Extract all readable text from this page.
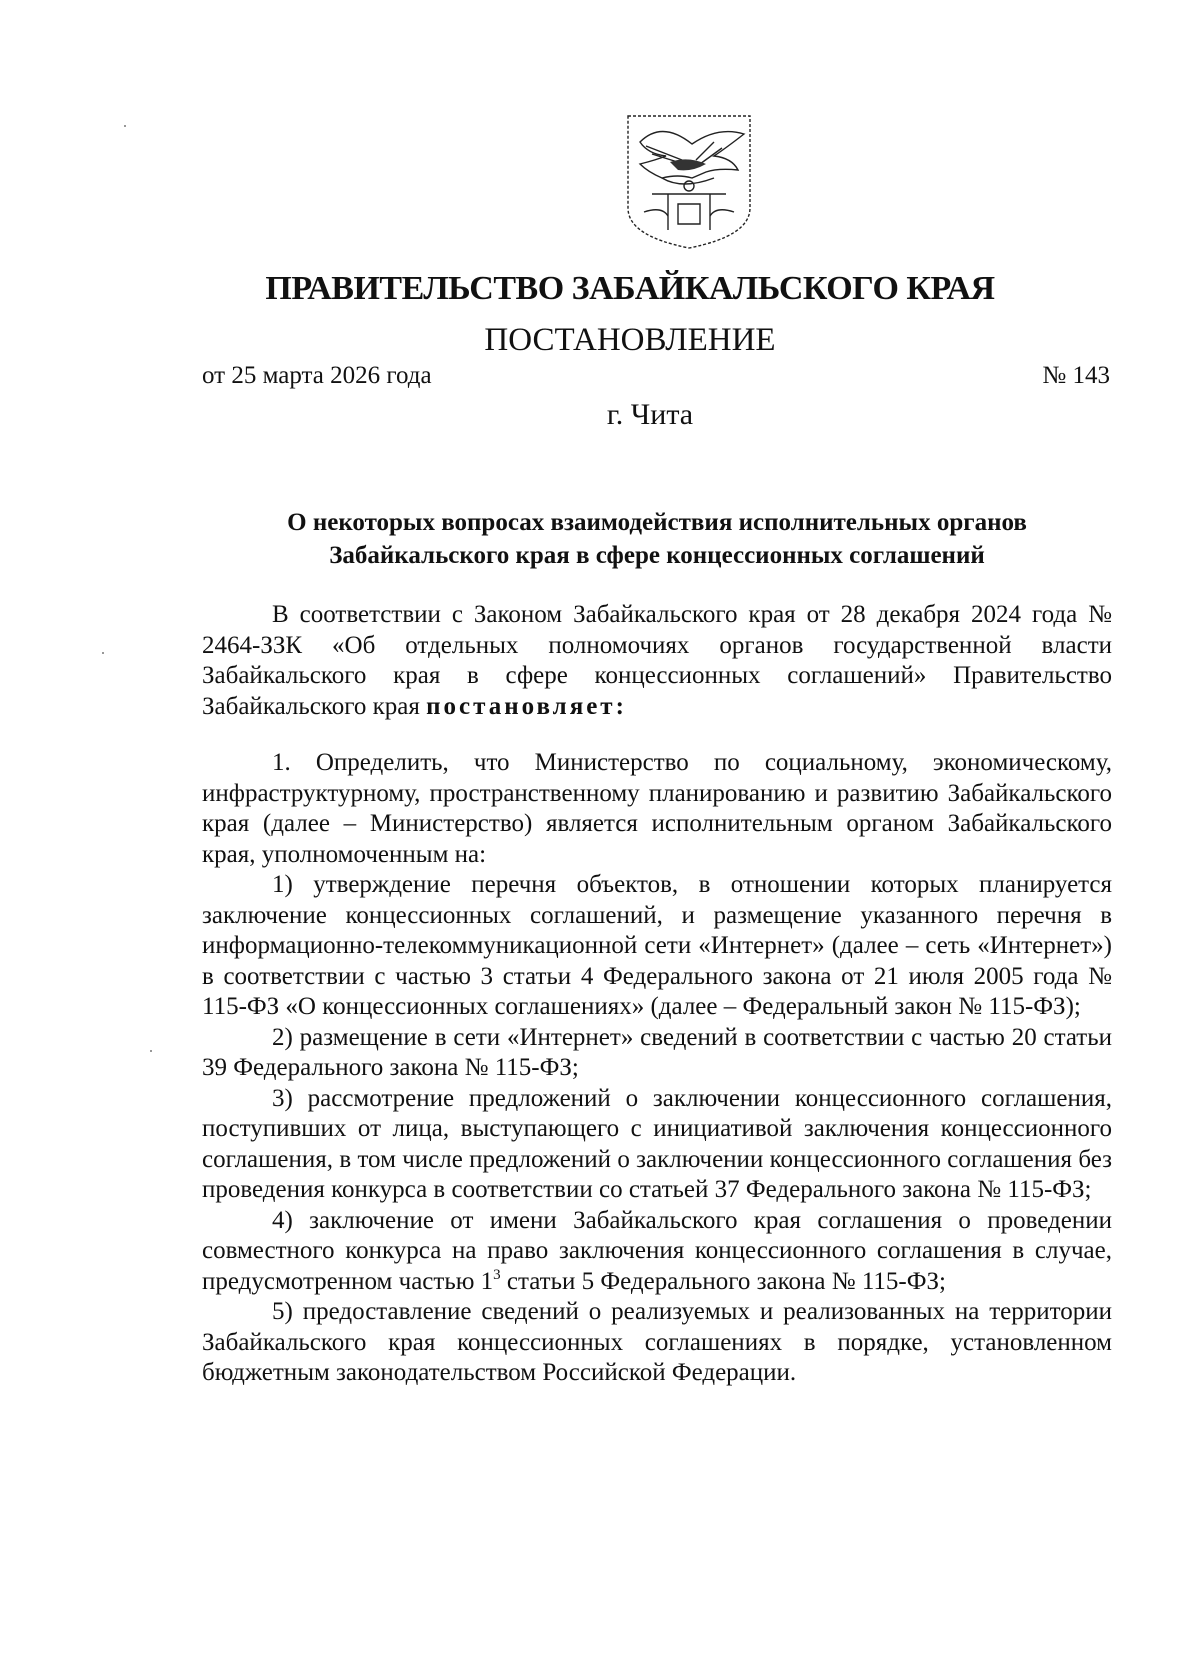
ПРАВИТЕЛЬСТВО ЗАБАЙКАЛЬСКОГО КРАЯ
ПОСТАНОВЛЕНИЕ
от 25 марта 2026 года	№ 143
г. Чита
О некоторых вопросах взаимодействия исполнительных органов
Забайкальского края в сфере концессионных соглашений

В соответствии с Законом Забайкальского края от 28 декабря 2024 года № 2464-ЗЗК «Об отдельных полномочиях органов государственной власти Забайкальского края в сфере концессионных соглашений» Правительство Забайкальского края постановляет:

1. Определить, что Министерство по социальному, экономическому, инфраструктурному, пространственному планированию и развитию Забайкальского края (далее – Министерство) является исполнительным органом Забайкальского края, уполномоченным на:

1) утверждение перечня объектов, в отношении которых планируется заключение концессионных соглашений, и размещение указанного перечня в информационно-телекоммуникационной сети «Интернет» (далее – сеть «Интернет») в соответствии с частью 3 статьи 4 Федерального закона от 21 июля 2005 года № 115-ФЗ «О концессионных соглашениях» (далее – Федеральный закон № 115-ФЗ);

2) размещение в сети «Интернет» сведений в соответствии с частью 20 статьи 39 Федерального закона № 115-ФЗ;

3) рассмотрение предложений о заключении концессионного соглашения, поступивших от лица, выступающего с инициативой заключения концессионного соглашения, в том числе предложений о заключении концессионного соглашения без проведения конкурса в соответствии со статьей 37 Федерального закона № 115-ФЗ;

4) заключение от имени Забайкальского края соглашения о проведении совместного конкурса на право заключения концессионного соглашения в случае, предусмотренном частью $1^3$ статьи 5 Федерального закона № 115-ФЗ;

5) предоставление сведений о реализуемых и реализованных на территории Забайкальского края концессионных соглашениях в порядке, установленном бюджетным законодательством Российской Федерации.
